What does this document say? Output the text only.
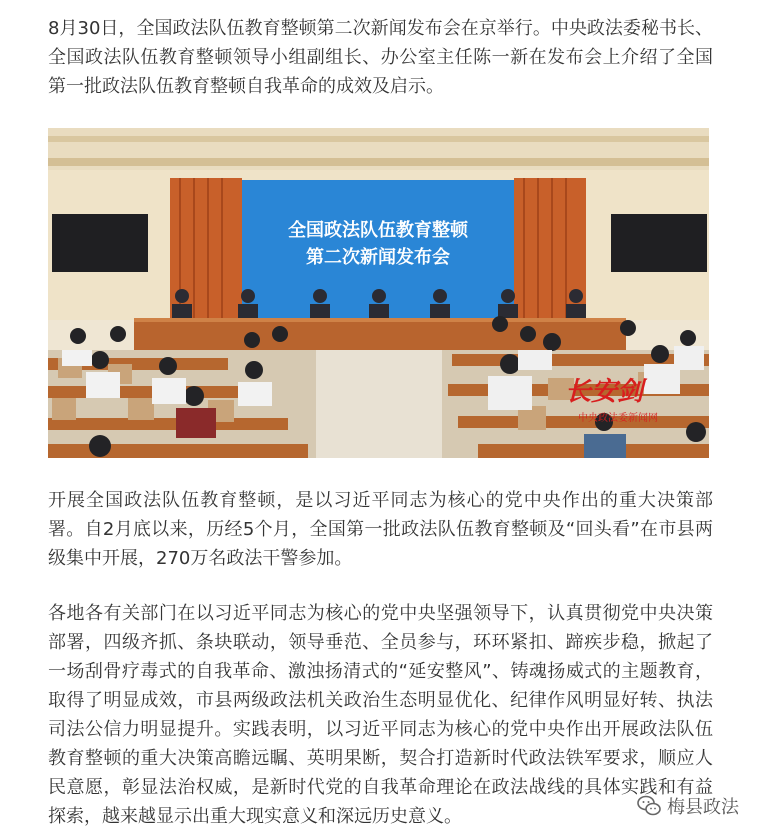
8月30日，全国政法队伍教育整顿第二次新闻发布会在京举行。中央政法委秘书长、全国政法队伍教育整顿领导小组副组长、办公室主任陈一新在发布会上介绍了全国第一批政法队伍教育整顿自我革命的成效及启示。

全国政法队伍教育整顿
第二次新闻发布会
长安剑
中央政法委新闻网

开展全国政法队伍教育整顿，是以习近平同志为核心的党中央作出的重大决策部署。自2月底以来，历经5个月，全国第一批政法队伍教育整顿及“回头看”在市县两级集中开展，270万名政法干警参加。

各地各有关部门在以习近平同志为核心的党中央坚强领导下，认真贯彻党中央决策部署，四级齐抓、条块联动，领导垂范、全员参与，环环紧扣、蹄疾步稳，掀起了一场刮骨疗毒式的自我革命、激浊扬清式的“延安整风”、铸魂扬威式的主题教育，取得了明显成效，市县两级政法机关政治生态明显优化、纪律作风明显好转、执法司法公信力明显提升。实践表明，以习近平同志为核心的党中央作出开展政法队伍教育整顿的重大决策高瞻远瞩、英明果断，契合打造新时代政法铁军要求，顺应人民意愿，彰显法治权威，是新时代党的自我革命理论在政法战线的具体实践和有益探索，越来越显示出重大现实意义和深远历史意义。	梅县政法
